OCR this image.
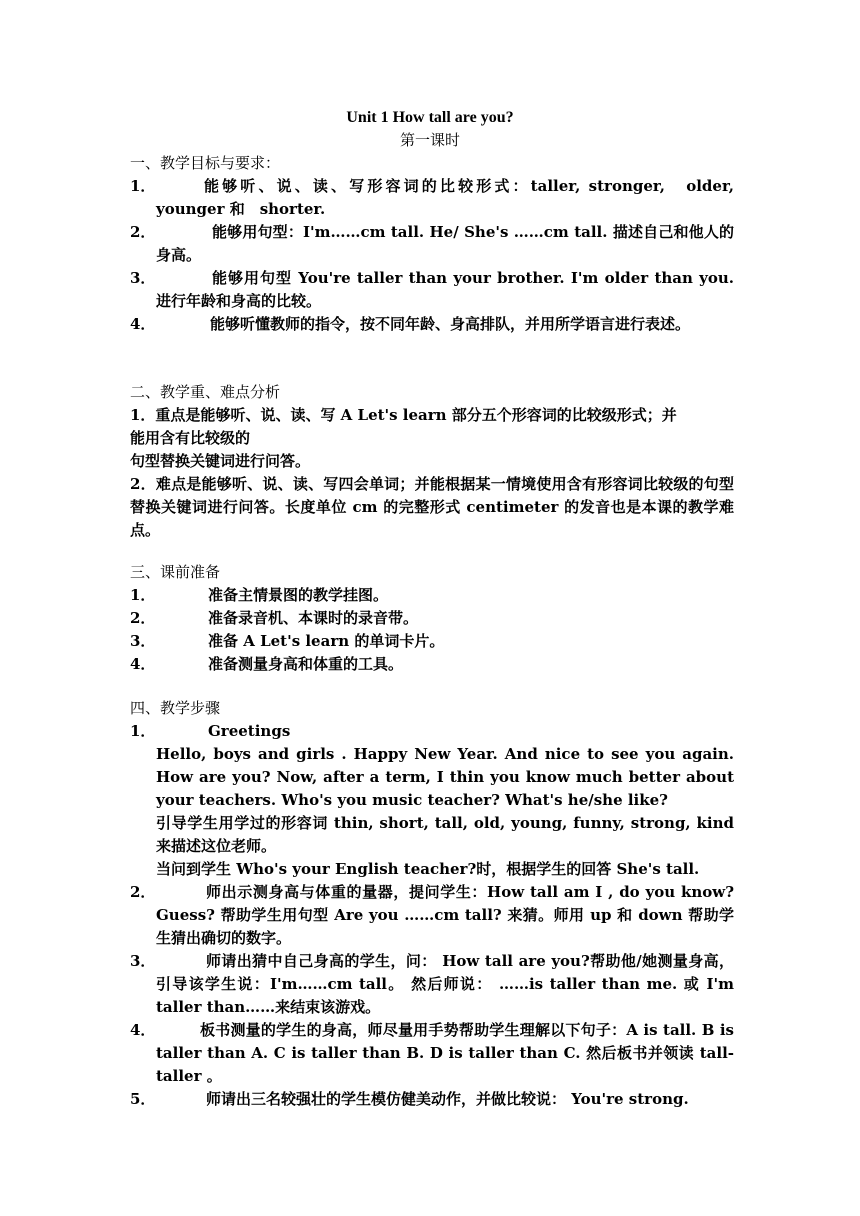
Unit 1 How tall are you?
第一课时
一、教学目标与要求：
1．	能够听、说、读、写形容词的比较形式：taller, stronger,　older, younger 和　shorter.
2．	能够用句型：I'm……cm tall. He/ She's ……cm tall. 描述自己和他人的身高。
3．	能够用句型 You're taller than your brother. I'm older than you. 进行年龄和身高的比较。
4．	能够听懂教师的指令，按不同年龄、身高排队，并用所学语言进行表述。
二、教学重、难点分析
1．重点是能够听、说、读、写 A Let's learn 部分五个形容词的比较级形式；并
能用含有比较级的
句型替换关键词进行问答。
2．难点是能够听、说、读、写四会单词；并能根据某一情境使用含有形容词比较级的句型替换关键词进行问答。长度单位 cm 的完整形式 centimeter 的发音也是本课的教学难点。
三、课前准备
1．	准备主情景图的教学挂图。
2．	准备录音机、本课时的录音带。
3．	准备 A Let's learn 的单词卡片。
4．	准备测量身高和体重的工具。
四、教学步骤
1．	Greetings
Hello, boys and girls . Happy New Year. And nice to see you again. How are you? Now, after a term, I thin you know much better about your teachers. Who's you music teacher? What's he/she like?
引导学生用学过的形容词 thin, short, tall, old, young, funny, strong, kind 来描述这位老师。
当问到学生 Who's your English teacher?时，根据学生的回答 She's tall.
2．	师出示测身高与体重的量器，提问学生：How tall am I , do you know? Guess? 帮助学生用句型 Are you ……cm tall? 来猜。师用 up 和 down 帮助学生猜出确切的数字。
3．	师请出猜中自己身高的学生，问： How tall are you?帮助他/她测量身高，引导该学生说：I'm……cm tall。 然后师说： ……is taller than me. 或 I'm taller than……来结束该游戏。
4．	板书测量的学生的身高，师尽量用手势帮助学生理解以下句子：A is tall. B is taller than A. C is taller than B. D is taller than C. 然后板书并领读 tall-taller 。
5．	师请出三名较强壮的学生模仿健美动作，并做比较说： You're strong.
